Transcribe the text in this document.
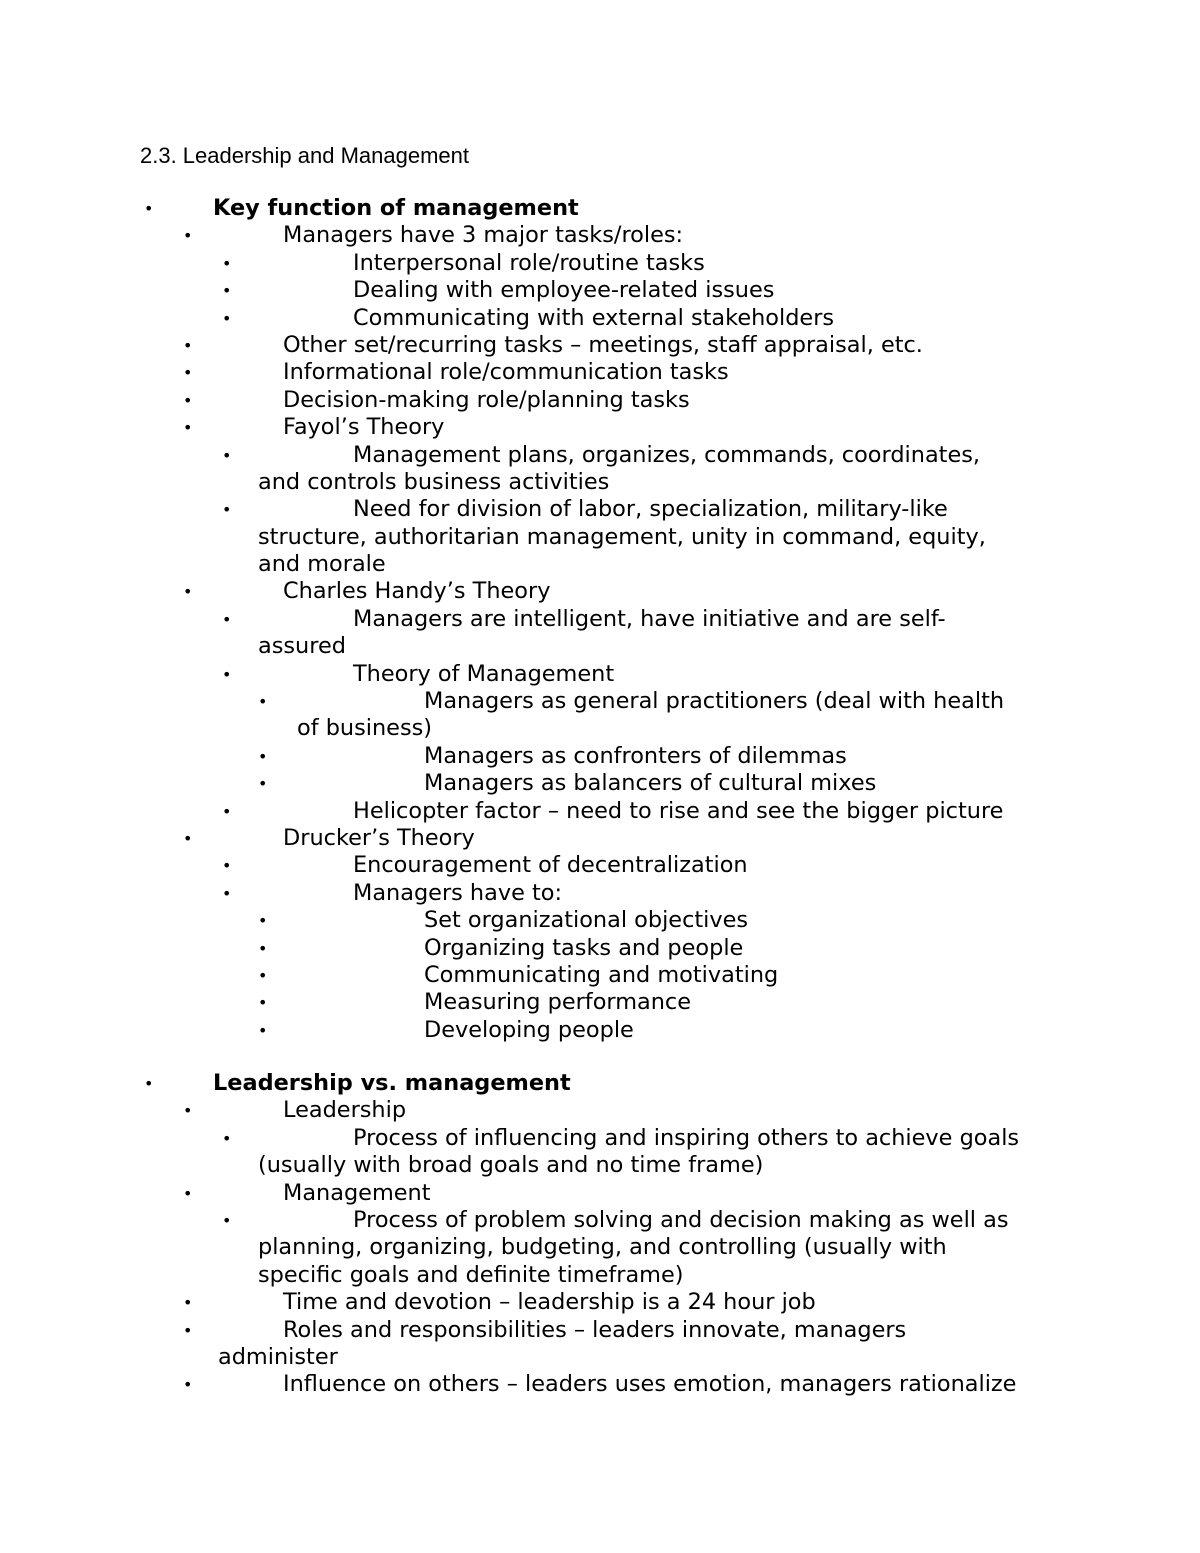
2.3. Leadership and Management
•	Key function of management
•	Managers have 3 major tasks/roles:
•	Interpersonal role/routine tasks
•	Dealing with employee-related issues
•	Communicating with external stakeholders
•	Other set/recurring tasks – meetings, staff appraisal, etc.
•	Informational role/communication tasks
•	Decision-making role/planning tasks
•	Fayol’s Theory
•	Management plans, organizes, commands, coordinates,
and controls business activities
•	Need for division of labor, specialization, military-like
structure, authoritarian management, unity in command, equity,
and morale
•	Charles Handy’s Theory
•	Managers are intelligent, have initiative and are self-
assured
•	Theory of Management
•	Managers as general practitioners (deal with health
of business)
•	Managers as confronters of dilemmas
•	Managers as balancers of cultural mixes
•	Helicopter factor – need to rise and see the bigger picture
•	Drucker’s Theory
•	Encouragement of decentralization
•	Managers have to:
•	Set organizational objectives
•	Organizing tasks and people
•	Communicating and motivating
•	Measuring performance
•	Developing people
•	Leadership vs. management
•	Leadership
•	Process of influencing and inspiring others to achieve goals
(usually with broad goals and no time frame)
•	Management
•	Process of problem solving and decision making as well as
planning, organizing, budgeting, and controlling (usually with
specific goals and definite timeframe)
•	Time and devotion – leadership is a 24 hour job
•	Roles and responsibilities – leaders innovate, managers
administer
•	Influence on others – leaders uses emotion, managers rationalize
